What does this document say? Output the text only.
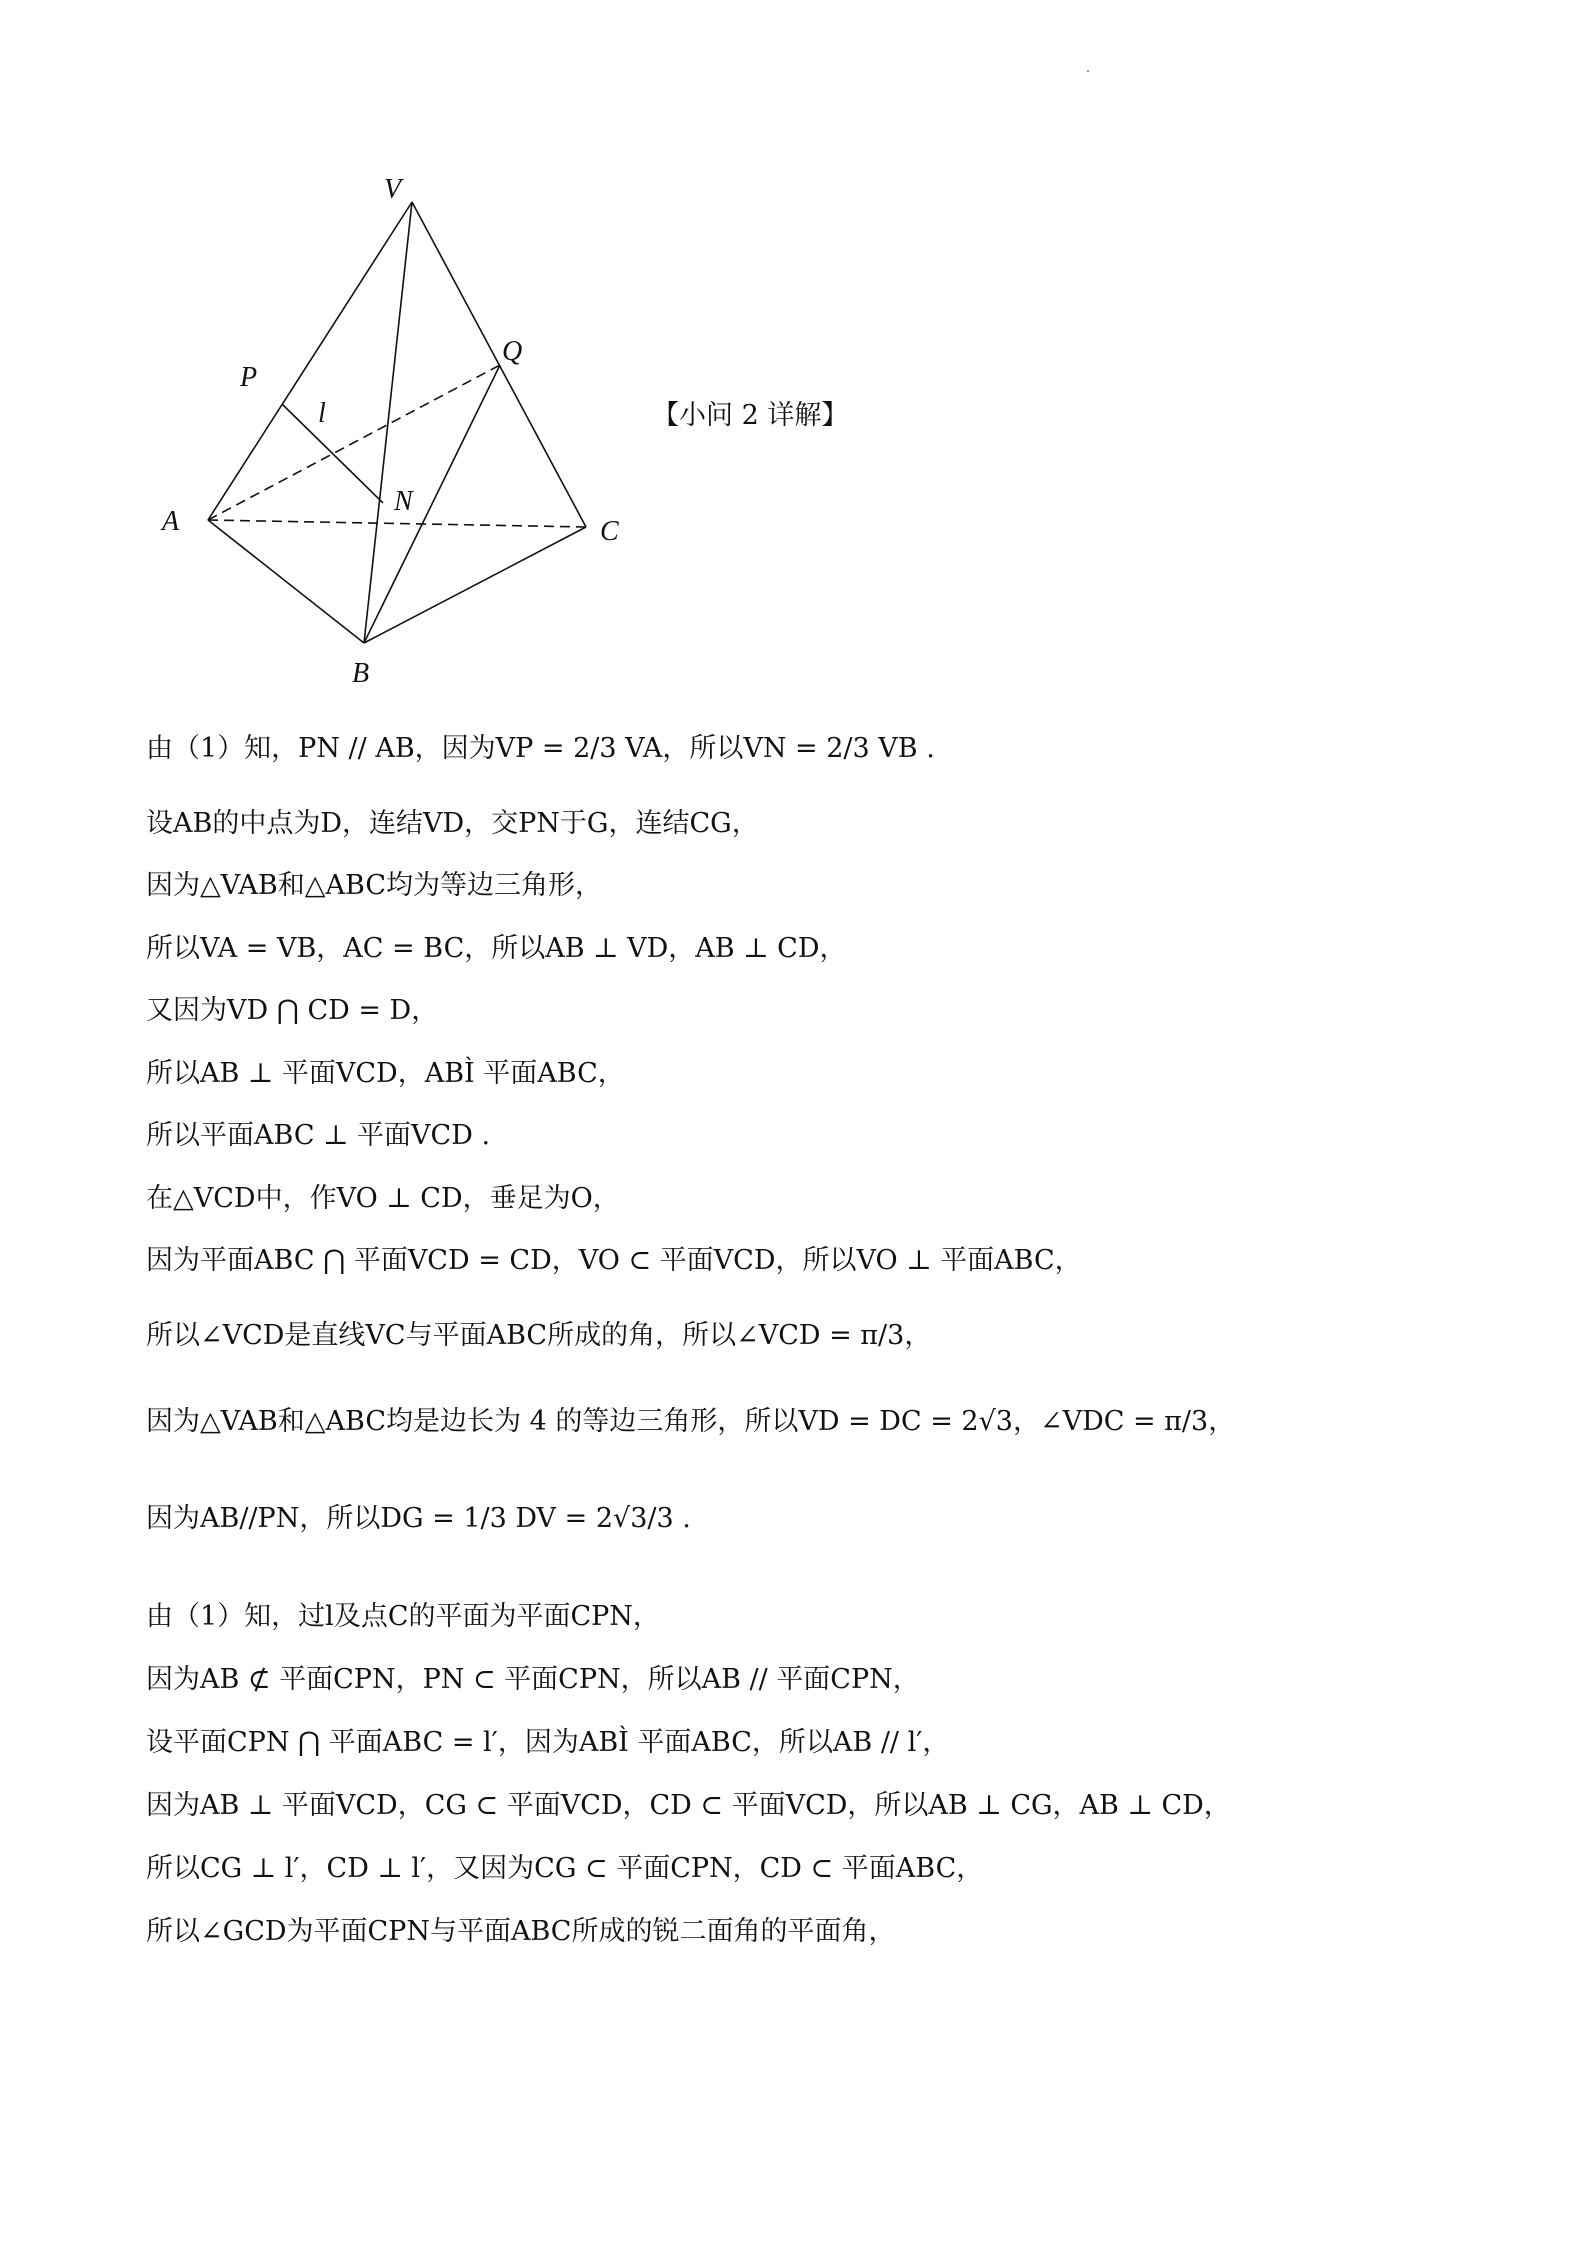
V
P
Q
l
N
A	C
B
【小问 2 详解】
由（1）知，PN // AB，因为VP = 2/3 VA，所以VN = 2/3 VB .
设AB的中点为D，连结VD，交PN于G，连结CG，
因为△VAB和△ABC均为等边三角形，
所以VA = VB，AC = BC，所以AB ⊥ VD，AB ⊥ CD，
又因为VD ⋂ CD = D，
所以AB ⊥ 平面VCD，ABÌ 平面ABC，
所以平面ABC ⊥ 平面VCD .
在△VCD中，作VO ⊥ CD，垂足为O，
因为平面ABC ⋂ 平面VCD = CD，VO ⊂ 平面VCD，所以VO ⊥ 平面ABC，
所以∠VCD是直线VC与平面ABC所成的角，所以∠VCD = π/3，
因为△VAB和△ABC均是边长为 4 的等边三角形，所以VD = DC = 2√3，∠VDC = π/3，
因为AB//PN，所以DG = 1/3 DV = 2√3/3 .
由（1）知，过l及点C的平面为平面CPN，
因为AB ⊄ 平面CPN，PN ⊂ 平面CPN，所以AB // 平面CPN，
设平面CPN ⋂ 平面ABC = l′，因为ABÌ 平面ABC，所以AB // l′，
因为AB ⊥ 平面VCD，CG ⊂ 平面VCD，CD ⊂ 平面VCD，所以AB ⊥ CG，AB ⊥ CD，
所以CG ⊥ l′，CD ⊥ l′，又因为CG ⊂ 平面CPN，CD ⊂ 平面ABC，
所以∠GCD为平面CPN与平面ABC所成的锐二面角的平面角，
